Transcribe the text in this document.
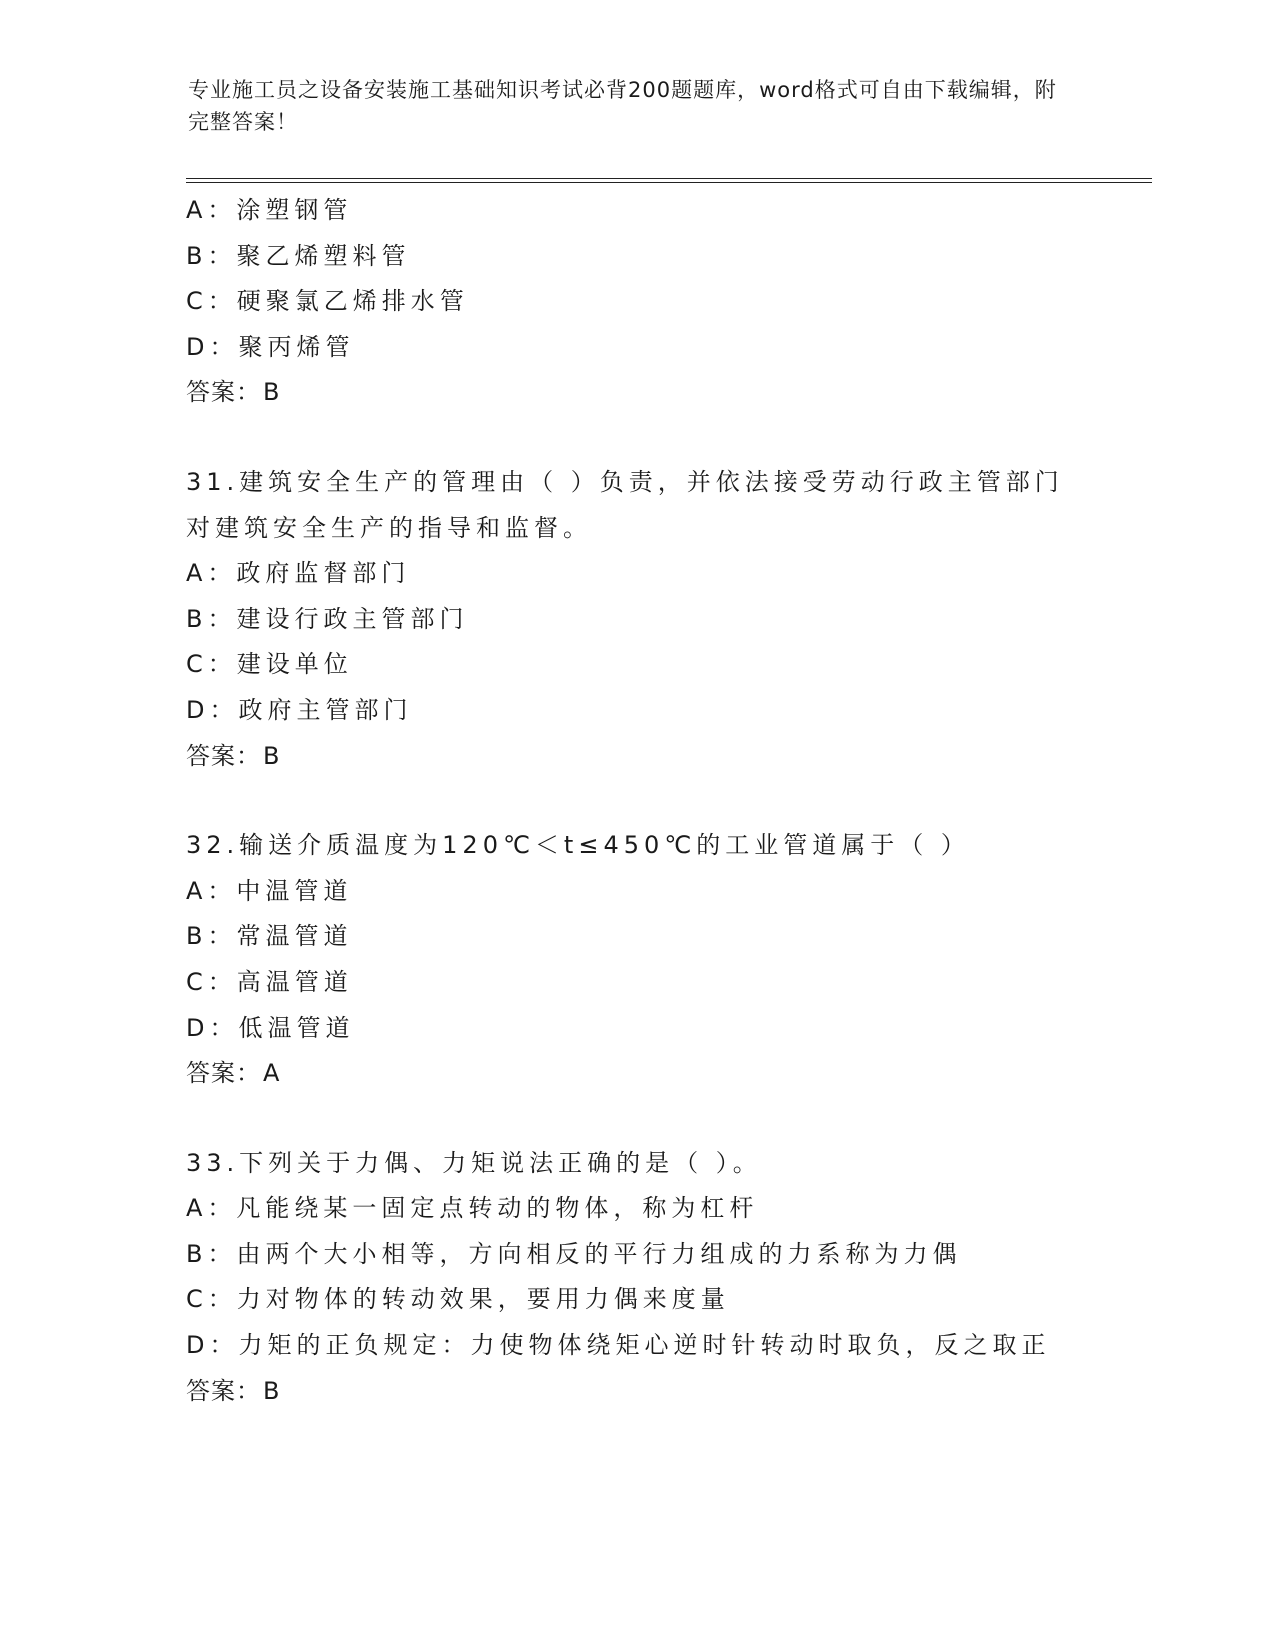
专业施工员之设备安装施工基础知识考试必背200题题库，word格式可自由下载编辑，附完整答案！
A：涂塑钢管
B：聚乙烯塑料管
C：硬聚氯乙烯排水管
D：聚丙烯管
答案：B
31.建筑安全生产的管理由（ ）负责，并依法接受劳动行政主管部门
对建筑安全生产的指导和监督。
A：政府监督部门
B：建设行政主管部门
C：建设单位
D：政府主管部门
答案：B
32.输送介质温度为120℃＜t≤450℃的工业管道属于（ ）
A：中温管道
B：常温管道
C：高温管道
D：低温管道
答案：A
33.下列关于力偶、力矩说法正确的是（ ）。
A：凡能绕某一固定点转动的物体，称为杠杆
B：由两个大小相等，方向相反的平行力组成的力系称为力偶
C：力对物体的转动效果，要用力偶来度量
D：力矩的正负规定：力使物体绕矩心逆时针转动时取负，反之取正
答案：B
